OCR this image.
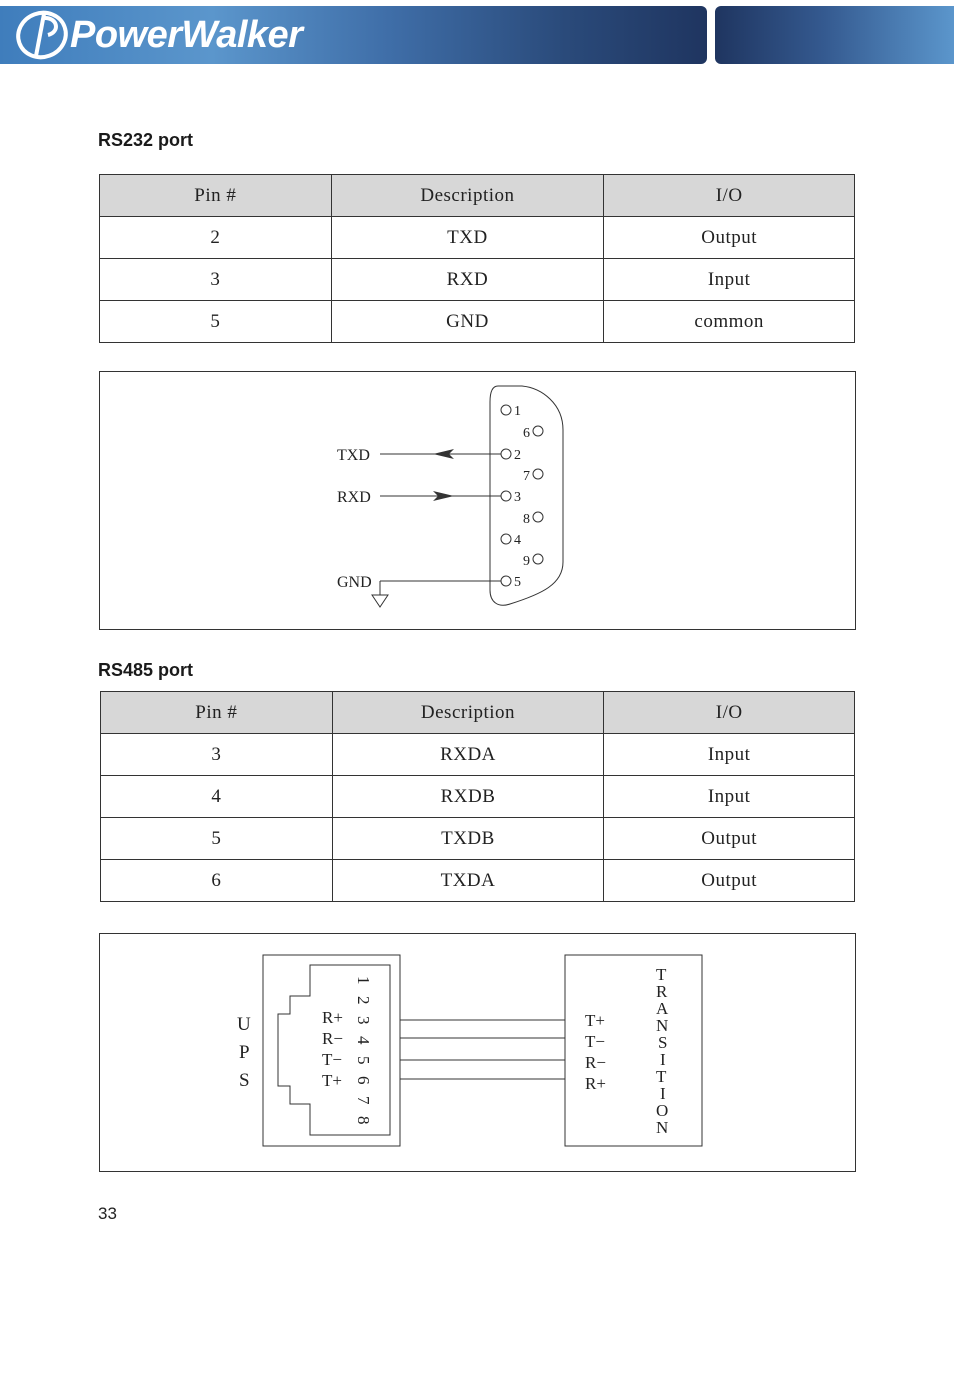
PowerWalker
RS232 port
Pin #	Description	I/O
2	TXD	Output
3	RXD	Input
5	GND	common
1
6
2
7
3
8
4
9
5
TXD
RXD
GND
RS485 port
Pin #	Description	I/O
3	RXDA	Input
4	RXDB	Input
5	TXDB	Output
6	TXDA	Output
U
P
S
1
2
3
4
5
6
7
8
R+
R−
T−
T+
T+
T−
R−
R+
T
R
A
N
S
I
T
I
O
N
33
